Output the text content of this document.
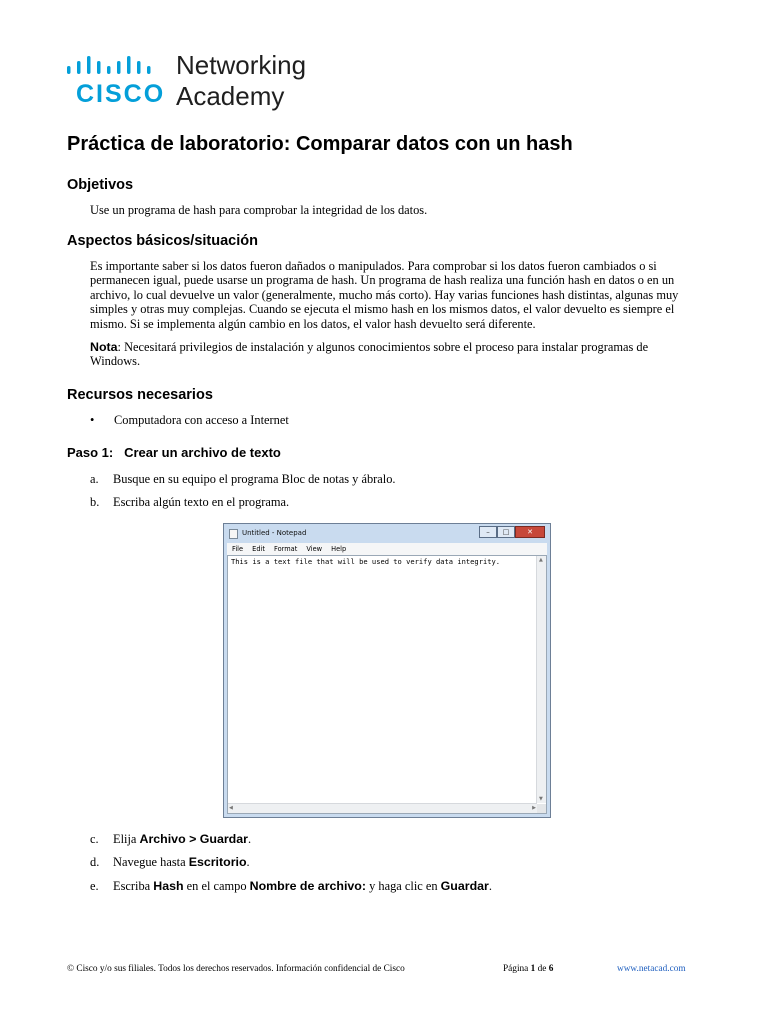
CISCO
Networking
Academy
Práctica de laboratorio: Comparar datos con un hash
Objetivos
Use un programa de hash para comprobar la integridad de los datos.
Aspectos básicos/situación

Es importante saber si los datos fueron dañados o manipulados. Para comprobar si los datos fueron cambiados o si

permanecen igual, puede usarse un programa de hash. Un programa de hash realiza una función hash en datos o en un

archivo, lo cual devuelve un valor (generalmente, mucho más corto). Hay varias funciones hash distintas, algunas muy

simples y otras muy complejas. Cuando se ejecuta el mismo hash en los mismos datos, el valor devuelto es siempre el

mismo. Si se implementa algún cambio en los datos, el valor hash devuelto será diferente.

Nota: Necesitará privilegios de instalación y algunos conocimientos sobre el proceso para instalar programas de

Windows.

Recursos necesarios
• Computadora con acceso a Internet
Paso 1:   Crear un archivo de texto
a. Busque en su equipo el programa Bloc de notas y ábralo.
b. Escriba algún texto en el programa.
Untitled - Notepad	–	□	✕
File Edit Format View Help
This is a text file that will be used to verify data integrity.	▲
▼
◀	▶
c. Elija Archivo > Guardar.
d. Navegue hasta Escritorio.
e. Escriba Hash en el campo Nombre de archivo: y haga clic en Guardar.
© Cisco y/o sus filiales. Todos los derechos reservados. Información confidencial de Cisco	Página 1 de 6	www.netacad.com
